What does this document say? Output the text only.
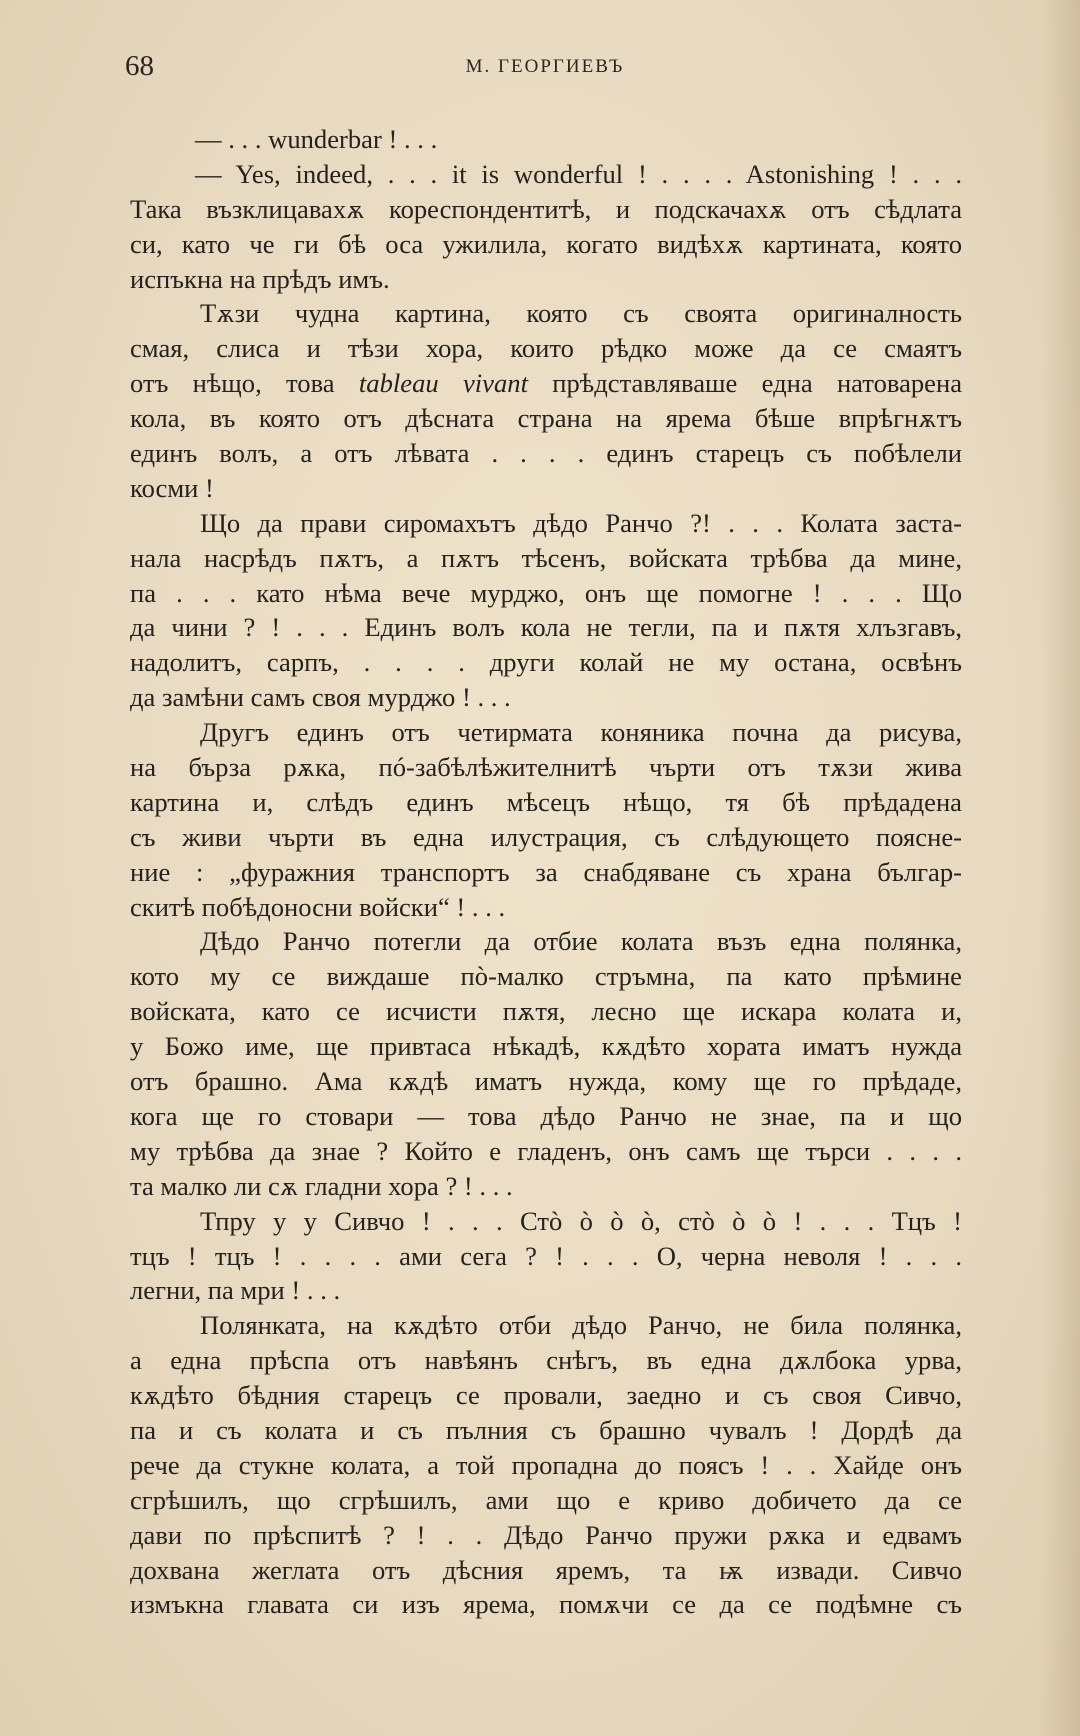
68	М. ГЕОРГИЕВЪ
— . . . wunderbar ! . . .
— Yes, indeed, . . . it is wonderful ! . . . . Astonishing ! . . .
Така възклицавахѫ кореспондентитѣ, и подскачахѫ отъ сѣдлата
си, като че ги бѣ оса ужилила, когато видѣхѫ картината, която
испъкна на прѣдъ имъ.
Тѫзи чудна картина, която съ своята оригиналность
смая, слиса и тѣзи хора, които рѣдко може да се смаятъ
отъ нѣщо, това tableau vivant прѣдставляваше една натоварена
кола, въ която отъ дѣсната страна на ярема бѣше впрѣгнѫтъ
единъ волъ, а отъ лѣвата . . . . единъ старецъ съ побѣлели
косми !
Що да прави сиромахътъ дѣдо Ранчо ?! . . . Колата заста-
нала насрѣдъ пѫтъ, а пѫтъ тѣсенъ, войската трѣбва да мине,
па . . . като нѣма вече мурджо, онъ ще помогне ! . . . Що
да чини ? ! . . . Единъ волъ кола не тегли, па и пѫтя хлъзгавъ,
надолитъ, сарпъ, . . . . други колай не му остана, освѣнъ
да замѣни самъ своя мурджо ! . . .
Другъ единъ отъ четирмата коняника почна да рисува,
на бърза рѫка, пó-забѣлѣжителнитѣ чърти отъ тѫзи жива
картина и, слѣдъ единъ мѣсецъ нѣщо, тя бѣ прѣдадена
съ живи чърти въ една илустрация, съ слѣдующето поясне-
ние : „фуражния транспортъ за снабдяване съ храна българ-
скитѣ побѣдоносни войски“ ! . . .
Дѣдо Ранчо потегли да отбие колата възъ една полянка,
кото му се виждаше пò-малко стръмна, па като прѣмине
войската, като се исчисти пѫтя, лесно ще искара колата и,
у Божо име, ще привтаса нѣкадѣ, кѫдѣто хората иматъ нужда
отъ брашно. Ама кѫдѣ иматъ нужда, кому ще го прѣдаде,
кога ще го стовари — това дѣдо Ранчо не знае, па и що
му трѣбва да знае ? Който е гладенъ, онъ самъ ще търси . . . .
та малко ли сѫ гладни хора ? ! . . .
Тпру у у Сивчо ! . . . Стò ò ò ò, стò ò ò ! . . . Тцъ !
тцъ ! тцъ ! . . . . ами сега ? ! . . . О, черна неволя ! . . .
легни, па мри ! . . .
Полянката, на кѫдѣто отби дѣдо Ранчо, не била полянка,
а една прѣспа отъ навѣянъ снѣгъ, въ една дѫлбока урва,
кѫдѣто бѣдния старецъ се провали, заедно и съ своя Сивчо,
па и съ колата и съ пълния съ брашно чувалъ ! Дордѣ да
рече да стукне колата, а той пропадна до поясъ ! . . Хайде онъ
сгрѣшилъ, що сгрѣшилъ, ами що е криво добичето да се
дави по прѣспитѣ ? ! . . Дѣдо Ранчо пружи рѫка и едвамъ
дохвана жеглата отъ дѣсния яремъ, та ѭ извади. Сивчо
измъкна главата си изъ ярема, помѫчи се да се подѣмне съ
